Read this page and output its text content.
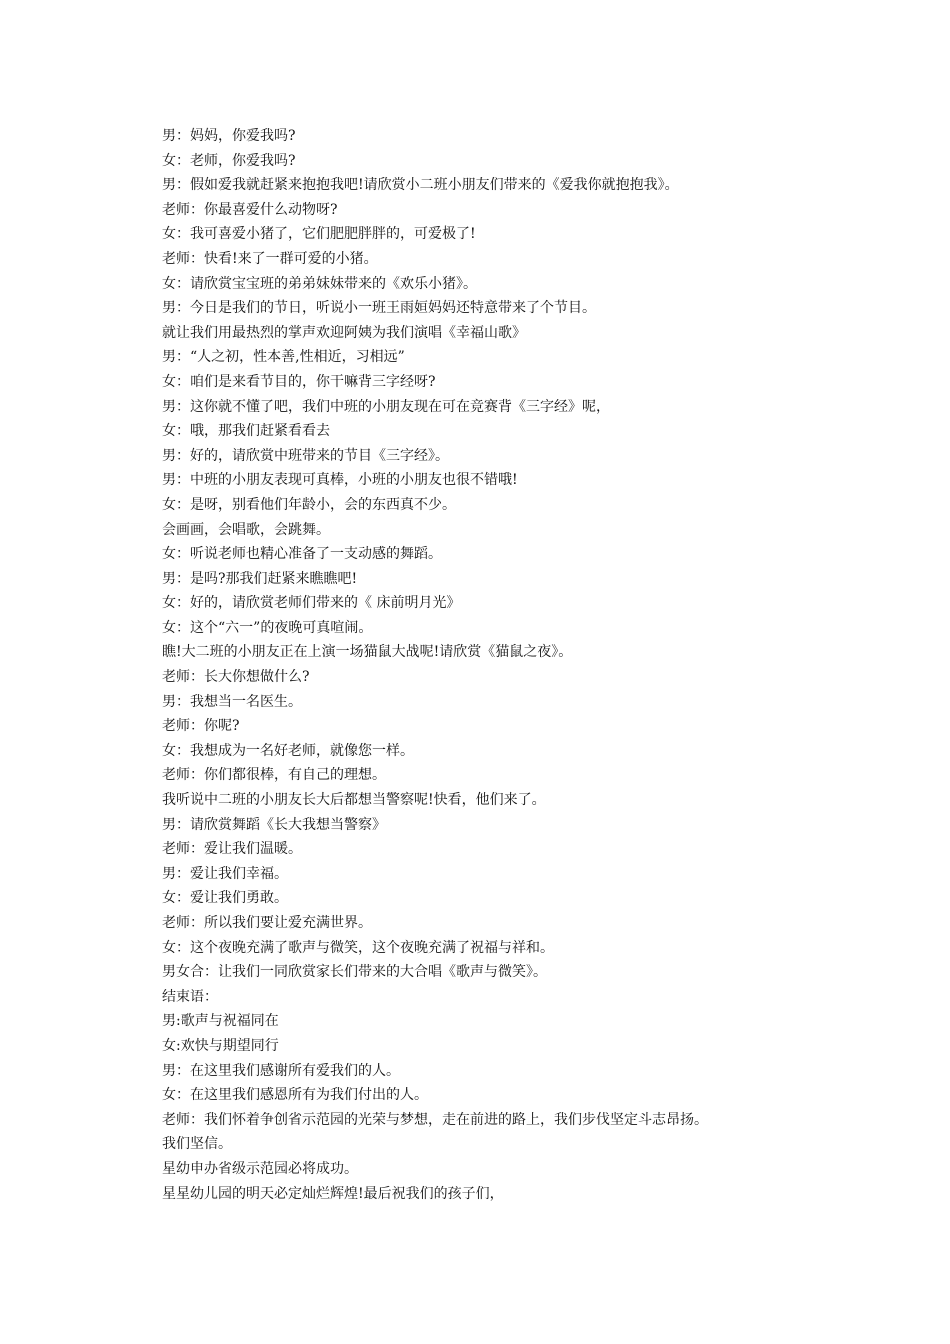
男：妈妈，你爱我吗?
女：老师，你爱我吗?
男：假如爱我就赶紧来抱抱我吧!请欣赏小二班小朋友们带来的《爱我你就抱抱我》。
老师：你最喜爱什么动物呀?
女：我可喜爱小猪了，它们肥肥胖胖的，可爱极了!
老师：快看!来了一群可爱的小猪。
女：请欣赏宝宝班的弟弟妹妹带来的《欢乐小猪》。
男：今日是我们的节日，听说小一班王雨姮妈妈还特意带来了个节目。
就让我们用最热烈的掌声欢迎阿姨为我们演唱《幸福山歌》
男：“人之初，性本善,性相近，习相远”
女：咱们是来看节目的，你干嘛背三字经呀?
男：这你就不懂了吧，我们中班的小朋友现在可在竞赛背《三字经》呢，
女：哦，那我们赶紧看看去
男：好的，请欣赏中班带来的节目《三字经》。
男：中班的小朋友表现可真棒，小班的小朋友也很不错哦!
女：是呀，别看他们年龄小，会的东西真不少。
会画画，会唱歌，会跳舞。
女：听说老师也精心准备了一支动感的舞蹈。
男：是吗?那我们赶紧来瞧瞧吧!
女：好的，请欣赏老师们带来的《 床前明月光》
女：这个“六一”的夜晚可真喧闹。
瞧!大二班的小朋友正在上演一场猫鼠大战呢!请欣赏《猫鼠之夜》。
老师：长大你想做什么?
男：我想当一名医生。
老师：你呢?
女：我想成为一名好老师，就像您一样。
老师：你们都很棒，有自己的理想。
我听说中二班的小朋友长大后都想当警察呢!快看，他们来了。
男：请欣赏舞蹈《长大我想当警察》
老师：爱让我们温暖。
男：爱让我们幸福。
女：爱让我们勇敢。
老师：所以我们要让爱充满世界。
女：这个夜晚充满了歌声与微笑，这个夜晚充满了祝福与祥和。
男女合：让我们一同欣赏家长们带来的大合唱《歌声与微笑》。
结束语：
男:歌声与祝福同在
女:欢快与期望同行
男：在这里我们感谢所有爱我们的人。
女：在这里我们感恩所有为我们付出的人。
老师：我们怀着争创省示范园的光荣与梦想，走在前进的路上，我们步伐坚定斗志昂扬。
我们坚信。
星幼申办省级示范园必将成功。
星星幼儿园的明天必定灿烂辉煌!最后祝我们的孩子们，
